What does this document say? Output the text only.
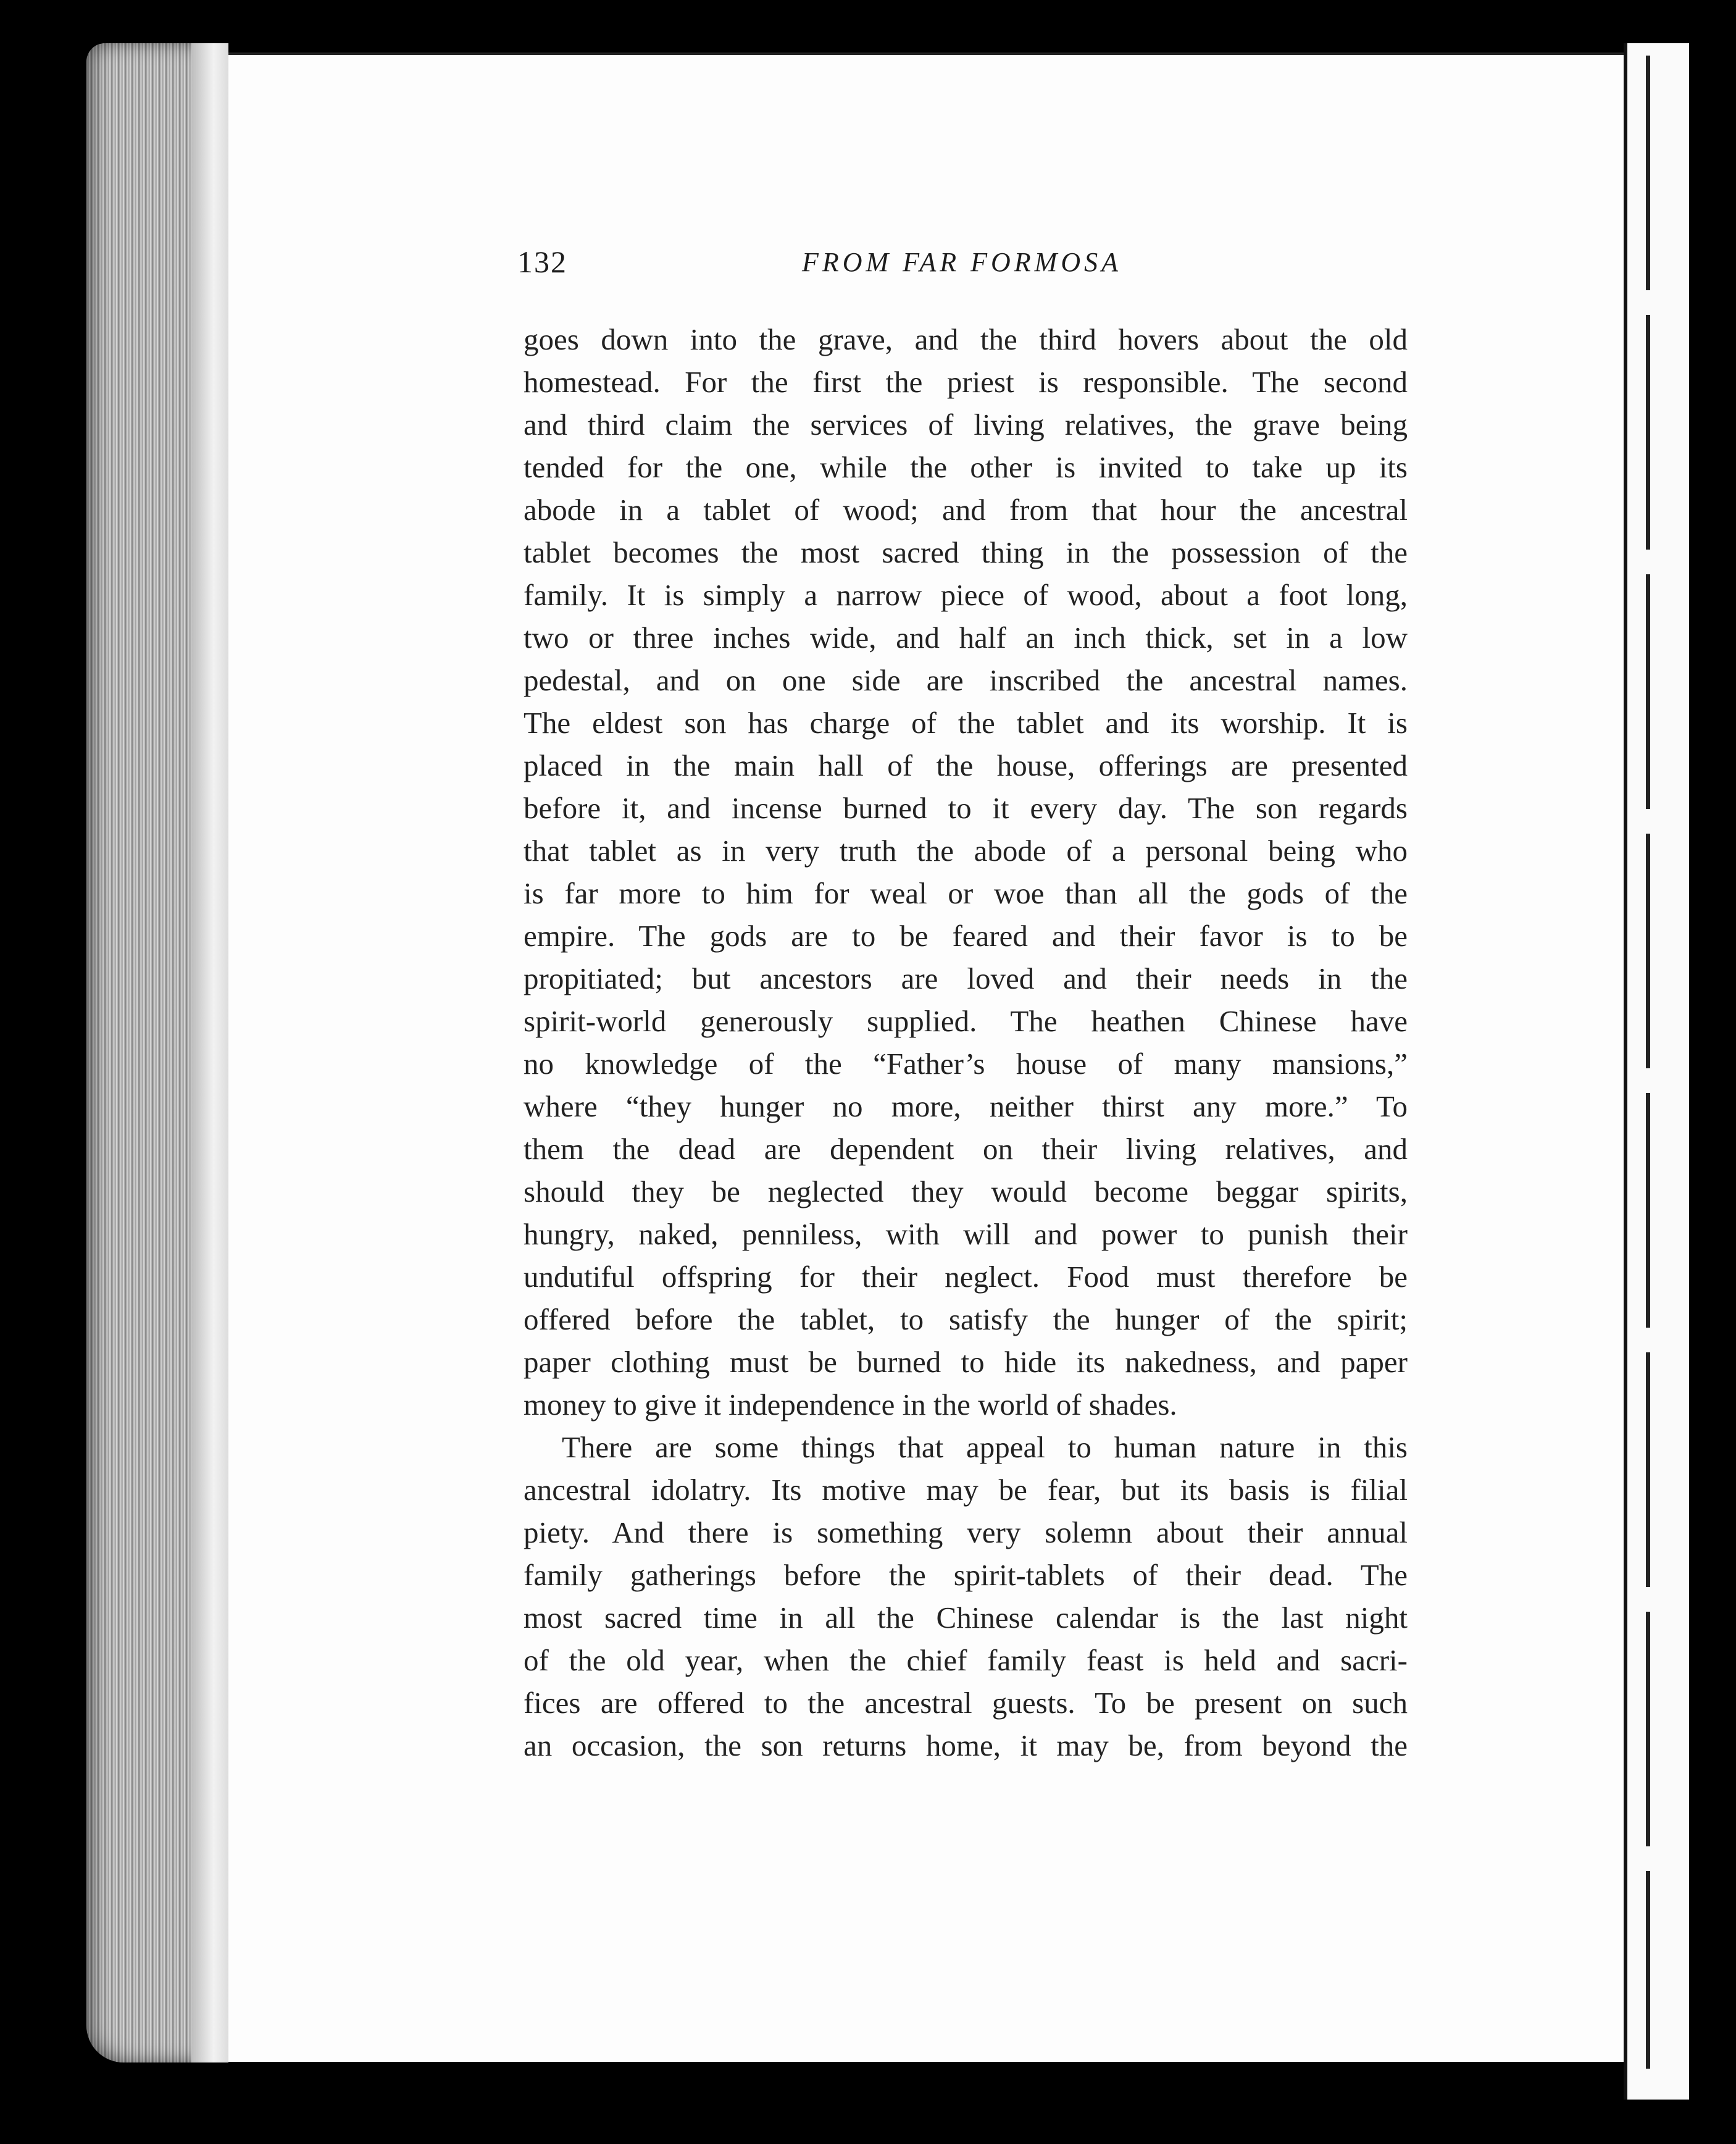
132	FROM FAR FORMOSA
goes down into the grave, and the third hovers about the old
homestead. For the first the priest is responsible. The second
and third claim the services of living relatives, the grave being
tended for the one, while the other is invited to take up its
abode in a tablet of wood; and from that hour the ancestral
tablet becomes the most sacred thing in the possession of the
family. It is simply a narrow piece of wood, about a foot long,
two or three inches wide, and half an inch thick, set in a low
pedestal, and on one side are inscribed the ancestral names.
The eldest son has charge of the tablet and its worship. It is
placed in the main hall of the house, offerings are presented
before it, and incense burned to it every day. The son regards
that tablet as in very truth the abode of a personal being who
is far more to him for weal or woe than all the gods of the
empire. The gods are to be feared and their favor is to be
propitiated; but ancestors are loved and their needs in the
spirit-world generously supplied. The heathen Chinese have
no knowledge of the “Father’s house of many mansions,”
where “they hunger no more, neither thirst any more.” To
them the dead are dependent on their living relatives, and
should they be neglected they would become beggar spirits,
hungry, naked, penniless, with will and power to punish their
undutiful offspring for their neglect. Food must therefore be
offered before the tablet, to satisfy the hunger of the spirit;
paper clothing must be burned to hide its nakedness, and paper
money to give it independence in the world of shades.
There are some things that appeal to human nature in this
ancestral idolatry. Its motive may be fear, but its basis is filial
piety. And there is something very solemn about their annual
family gatherings before the spirit-tablets of their dead. The
most sacred time in all the Chinese calendar is the last night
of the old year, when the chief family feast is held and sacri-
fices are offered to the ancestral guests. To be present on such
an occasion, the son returns home, it may be, from beyond the
